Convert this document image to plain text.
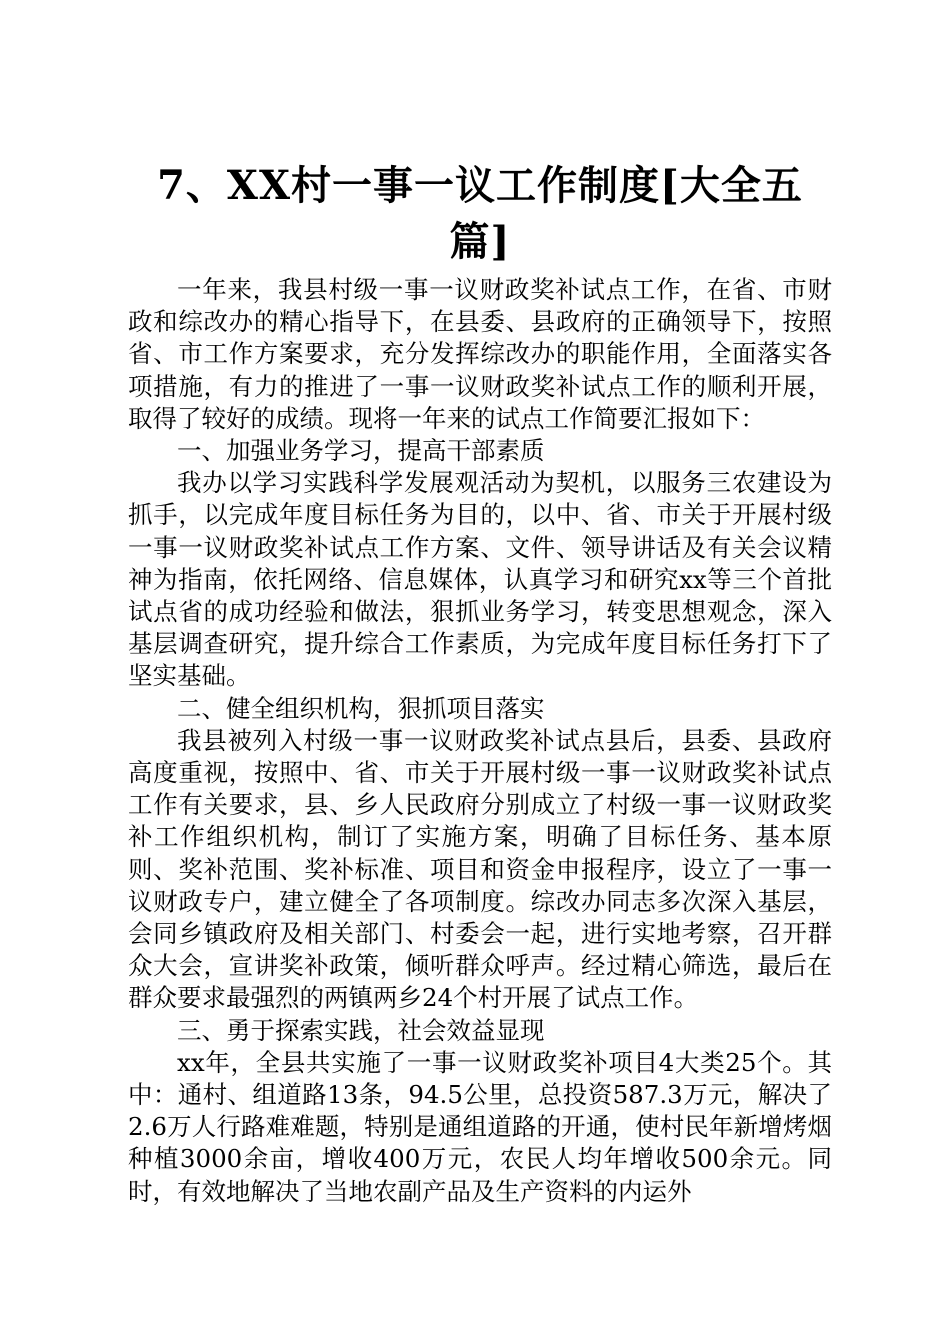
7、XX村一事一议工作制度[大全五篇]

一年来，我县村级一事一议财政奖补试点工作，在省、市财政和综改办的精心指导下，在县委、县政府的正确领导下，按照省、市工作方案要求，充分发挥综改办的职能作用，全面落实各项措施，有力的推进了一事一议财政奖补试点工作的顺利开展，取得了较好的成绩。现将一年来的试点工作简要汇报如下：

一、加强业务学习，提高干部素质

我办以学习实践科学发展观活动为契机，以服务三农建设为抓手，以完成年度目标任务为目的，以中、省、市关于开展村级一事一议财政奖补试点工作方案、文件、领导讲话及有关会议精神为指南，依托网络、信息媒体，认真学习和研究xx等三个首批试点省的成功经验和做法，狠抓业务学习，转变思想观念，深入基层调查研究，提升综合工作素质，为完成年度目标任务打下了坚实基础。

二、健全组织机构，狠抓项目落实

我县被列入村级一事一议财政奖补试点县后，县委、县政府高度重视，按照中、省、市关于开展村级一事一议财政奖补试点工作有关要求，县、乡人民政府分别成立了村级一事一议财政奖补工作组织机构，制订了实施方案，明确了目标任务、基本原则、奖补范围、奖补标准、项目和资金申报程序，设立了一事一议财政专户，建立健全了各项制度。综改办同志多次深入基层，会同乡镇政府及相关部门、村委会一起，进行实地考察，召开群众大会，宣讲奖补政策，倾听群众呼声。经过精心筛选，最后在群众要求最强烈的两镇两乡24个村开展了试点工作。

三、勇于探索实践，社会效益显现

xx年，全县共实施了一事一议财政奖补项目4大类25个。其中：通村、组道路13条，94.5公里，总投资587.3万元，解决了2.6万人行路难难题，特别是通组道路的开通，使村民年新增烤烟种植3000余亩，增收400万元，农民人均年增收500余元。同时，有效地解决了当地农副产品及生产资料的内运外
